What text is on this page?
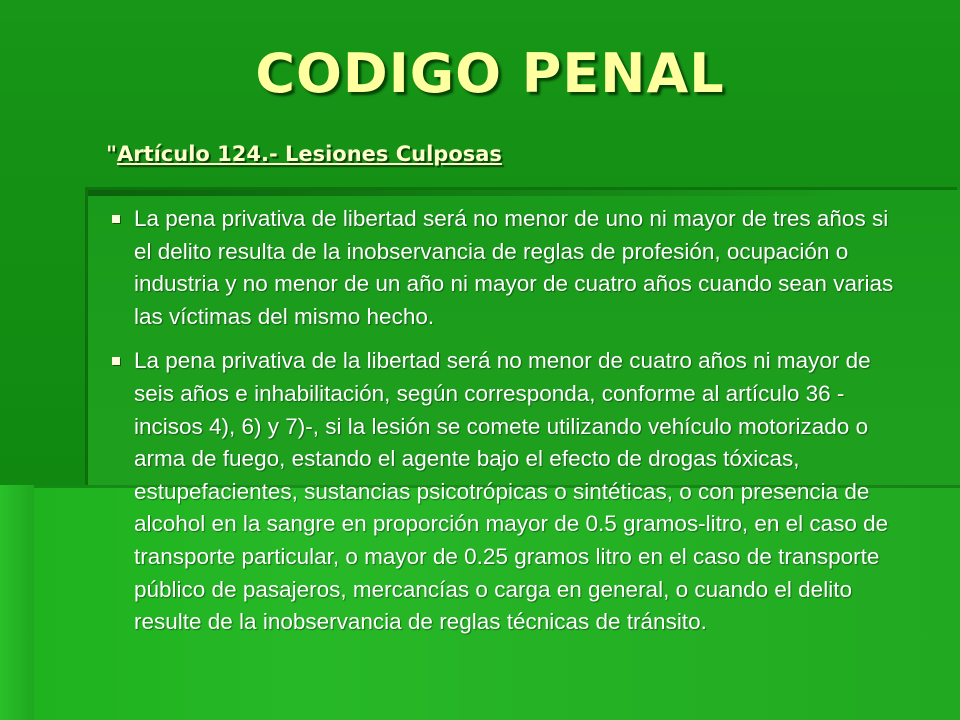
CODIGO PENAL
"Artículo 124.- Lesiones Culposas
La pena privativa de libertad será no menor de uno ni mayor de tres años si el delito resulta de la inobservancia de reglas de profesión, ocupación o industria y no menor de un año ni mayor de cuatro años cuando sean varias las víctimas del mismo hecho.
La pena privativa de la libertad será no menor de cuatro años ni mayor de seis años e inhabilitación, según corresponda, conforme al artículo 36 -incisos 4), 6) y 7)-, si la lesión se comete utilizando vehículo motorizado o arma de fuego, estando el agente bajo el efecto de drogas tóxicas, estupefacientes, sustancias psicotrópicas o sintéticas, o con presencia de alcohol en la sangre en proporción mayor de 0.5 gramos-litro, en el caso de transporte particular, o mayor de 0.25 gramos litro en el caso de transporte público de pasajeros, mercancías o carga en general, o cuando el delito resulte de la inobservancia de reglas técnicas de tránsito.
